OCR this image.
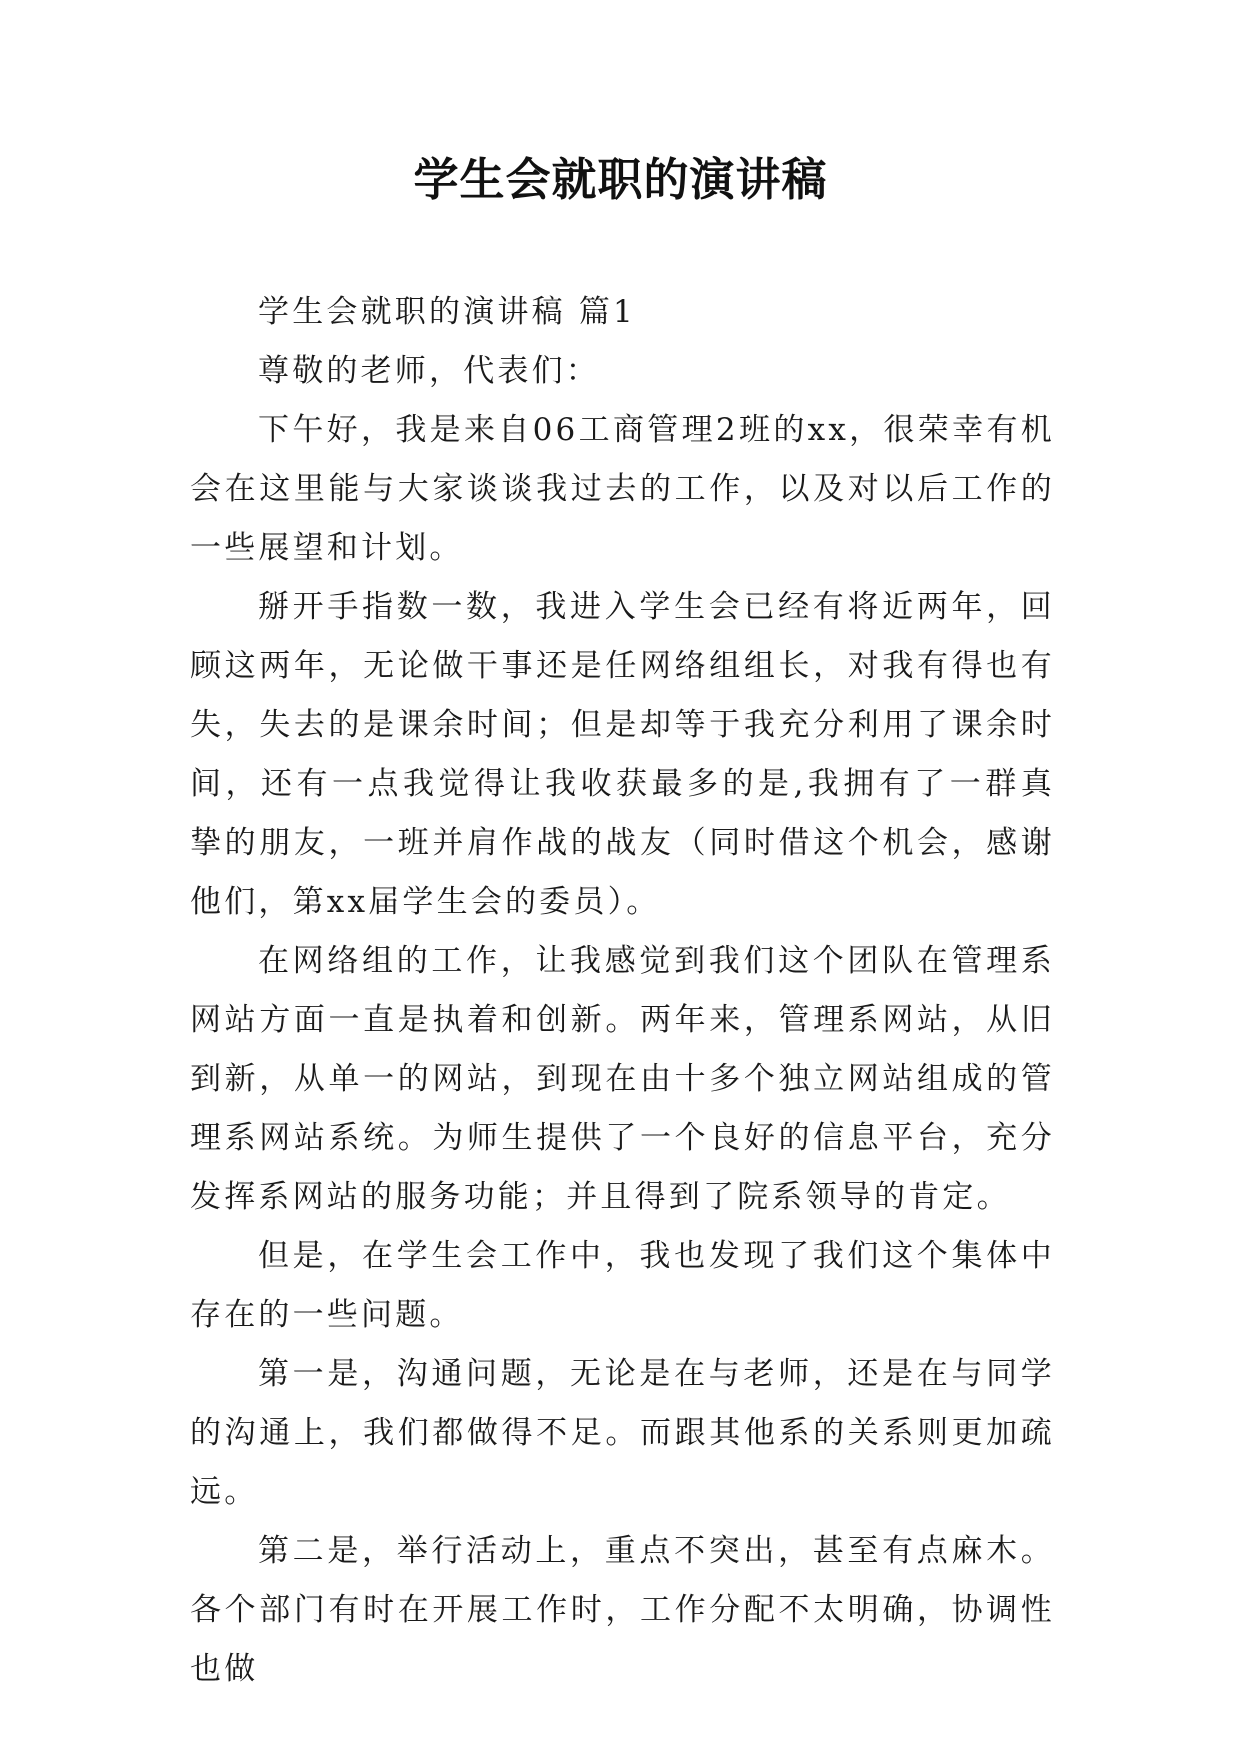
学生会就职的演讲稿

学生会就职的演讲稿 篇1

尊敬的老师，代表们：

下午好，我是来自06工商管理2班的xx，很荣幸有机会在这里能与大家谈谈我过去的工作，以及对以后工作的一些展望和计划。

掰开手指数一数，我进入学生会已经有将近两年，回顾这两年，无论做干事还是任网络组组长，对我有得也有失，失去的是课余时间；但是却等于我充分利用了课余时间，还有一点我觉得让我收获最多的是,我拥有了一群真挚的朋友，一班并肩作战的战友（同时借这个机会，感谢他们，第xx届学生会的委员）。

在网络组的工作，让我感觉到我们这个团队在管理系网站方面一直是执着和创新。两年来，管理系网站，从旧到新，从单一的网站，到现在由十多个独立网站组成的管理系网站系统。为师生提供了一个良好的信息平台，充分发挥系网站的服务功能；并且得到了院系领导的肯定。

但是，在学生会工作中，我也发现了我们这个集体中存在的一些问题。

第一是，沟通问题，无论是在与老师，还是在与同学的沟通上，我们都做得不足。而跟其他系的关系则更加疏远。

第二是，举行活动上，重点不突出，甚至有点麻木。各个部门有时在开展工作时，工作分配不太明确，协调性也做
